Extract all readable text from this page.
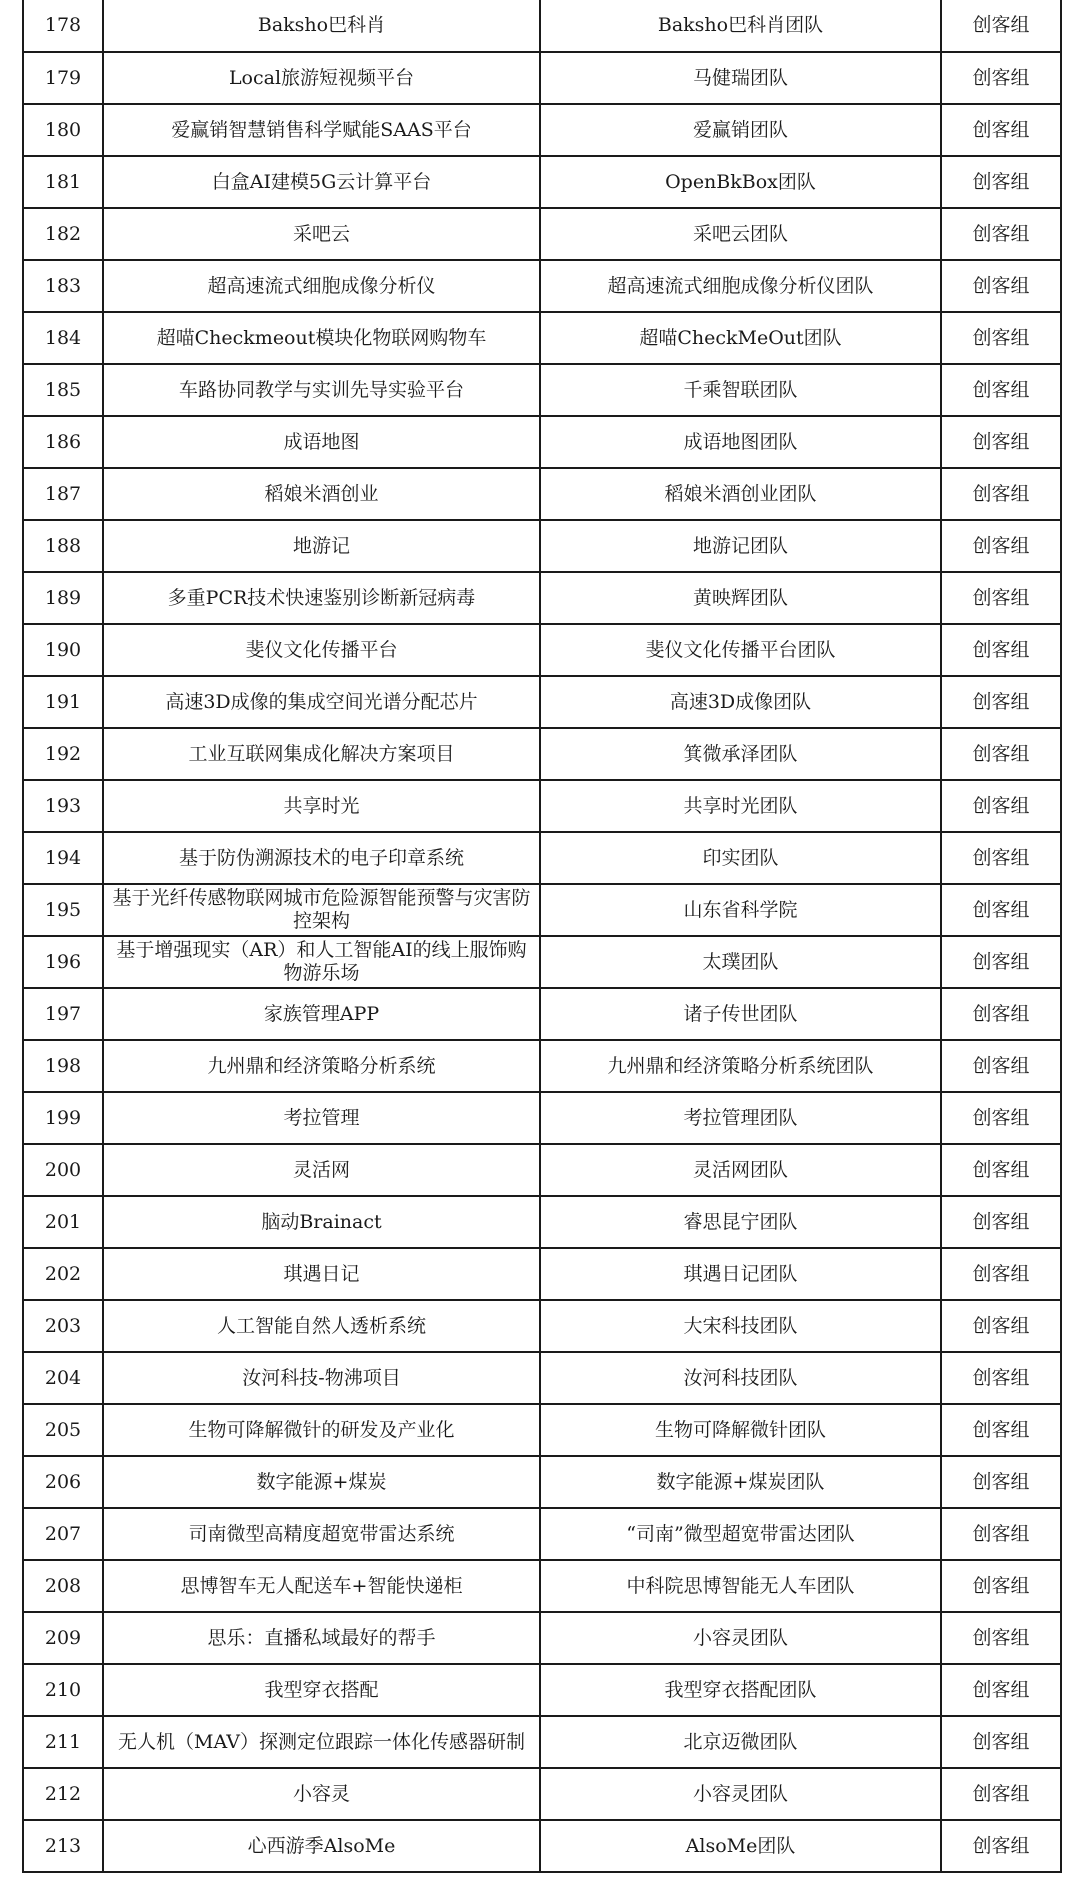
178	Baksho巴科肖	Baksho巴科肖团队	创客组
179	Local旅游短视频平台	马健瑞团队	创客组
180	爱赢销智慧销售科学赋能SAAS平台	爱赢销团队	创客组
181	白盒AI建模5G云计算平台	OpenBkBox团队	创客组
182	采吧云	采吧云团队	创客组
183	超高速流式细胞成像分析仪	超高速流式细胞成像分析仪团队	创客组
184	超喵Checkmeout模块化物联网购物车	超喵CheckMeOut团队	创客组
185	车路协同教学与实训先导实验平台	千乘智联团队	创客组
186	成语地图	成语地图团队	创客组
187	稻娘米酒创业	稻娘米酒创业团队	创客组
188	地游记	地游记团队	创客组
189	多重PCR技术快速鉴别诊断新冠病毒	黄映辉团队	创客组
190	斐仪文化传播平台	斐仪文化传播平台团队	创客组
191	高速3D成像的集成空间光谱分配芯片	高速3D成像团队	创客组
192	工业互联网集成化解决方案项目	箕微承泽团队	创客组
193	共享时光	共享时光团队	创客组
194	基于防伪溯源技术的电子印章系统	印实团队	创客组
195	基于光纤传感物联网城市危险源智能预警与灾害防控架构	山东省科学院	创客组
196	基于增强现实（AR）和人工智能AI的线上服饰购物游乐场	太璞团队	创客组
197	家族管理APP	诸子传世团队	创客组
198	九州鼎和经济策略分析系统	九州鼎和经济策略分析系统团队	创客组
199	考拉管理	考拉管理团队	创客组
200	灵活网	灵活网团队	创客组
201	脑动Brainact	睿思昆宁团队	创客组
202	琪遇日记	琪遇日记团队	创客组
203	人工智能自然人透析系统	大宋科技团队	创客组
204	汝河科技-物沸项目	汝河科技团队	创客组
205	生物可降解微针的研发及产业化	生物可降解微针团队	创客组
206	数字能源+煤炭	数字能源+煤炭团队	创客组
207	司南微型高精度超宽带雷达系统	“司南”微型超宽带雷达团队	创客组
208	思博智车无人配送车+智能快递柜	中科院思博智能无人车团队	创客组
209	思乐：直播私域最好的帮手	小容灵团队	创客组
210	我型穿衣搭配	我型穿衣搭配团队	创客组
211	无人机（MAV）探测定位跟踪一体化传感器研制	北京迈微团队	创客组
212	小容灵	小容灵团队	创客组
213	心西游季AlsoMe	AlsoMe团队	创客组
